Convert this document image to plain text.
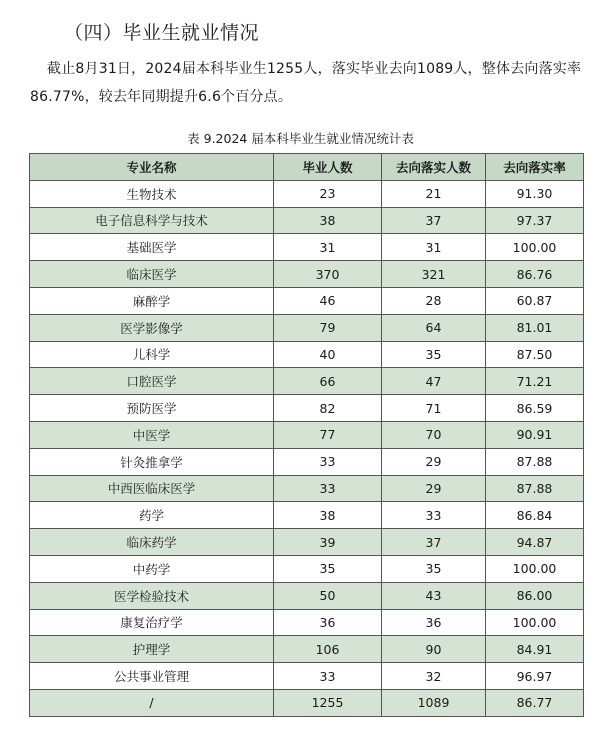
（四）毕业生就业情况
截止8月31日，2024届本科毕业生1255人，落实毕业去向1089人，整体去向落实率86.77%，较去年同期提升6.6个百分点。
表 9.2024 届本科毕业生就业情况统计表
专业名称	毕业人数	去向落实人数	去向落实率
生物技术	23	21	91.30
电子信息科学与技术	38	37	97.37
基础医学	31	31	100.00
临床医学	370	321	86.76
麻醉学	46	28	60.87
医学影像学	79	64	81.01
儿科学	40	35	87.50
口腔医学	66	47	71.21
预防医学	82	71	86.59
中医学	77	70	90.91
针灸推拿学	33	29	87.88
中西医临床医学	33	29	87.88
药学	38	33	86.84
临床药学	39	37	94.87
中药学	35	35	100.00
医学检验技术	50	43	86.00
康复治疗学	36	36	100.00
护理学	106	90	84.91
公共事业管理	33	32	96.97
/	1255	1089	86.77
